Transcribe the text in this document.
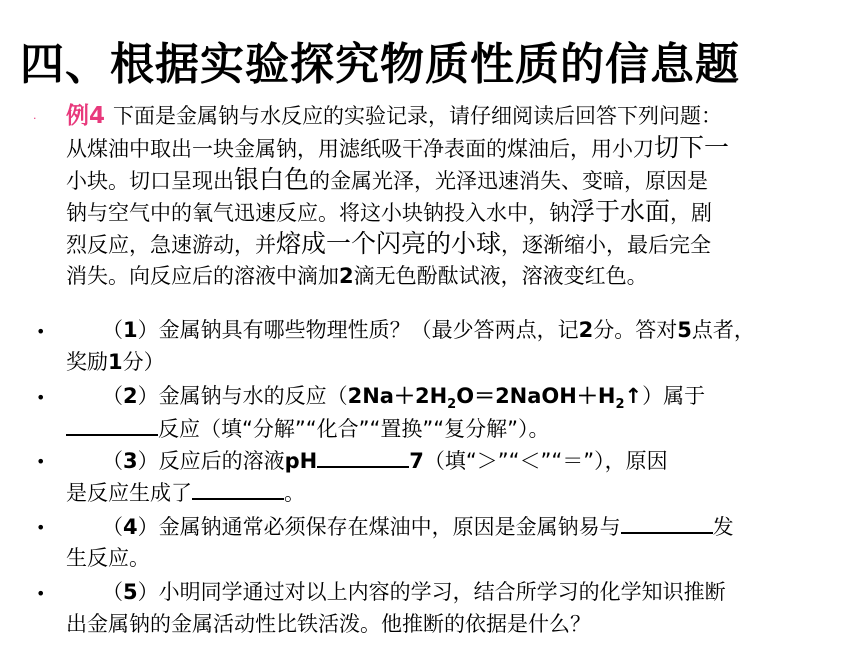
四、根据实验探究物质性质的信息题
· 例4 下面是金属钠与水反应的实验记录，请仔细阅读后回答下列问题：
从煤油中取出一块金属钠，用滤纸吸干净表面的煤油后，用小刀切下一
小块。切口呈现出银白色的金属光泽，光泽迅速消失、变暗，原因是
钠与空气中的氧气迅速反应。将这小块钠投入水中，钠浮于水面，剧
烈反应，急速游动，并熔成一个闪亮的小球，逐渐缩小，最后完全
消失。向反应后的溶液中滴加2滴无色酚酞试液，溶液变红色。
•	（1）金属钠具有哪些物理性质？（最少答两点，记2分。答对5点者，
奖励1分）
•	（2）金属钠与水的反应$(2Na+2H_2O=2NaOH+H_2↑)$属于
反应（填“分解”“化合”“置换”“复分解”）。
•	（3）反应后的溶液pH	7（填“＞”“＜”“＝”），原因
是反应生成了	。
•	（4）金属钠通常必须保存在煤油中，原因是金属钠易与	发
生反应。
•	（5）小明同学通过对以上内容的学习，结合所学习的化学知识推断
出金属钠的金属活动性比铁活泼。他推断的依据是什么？
